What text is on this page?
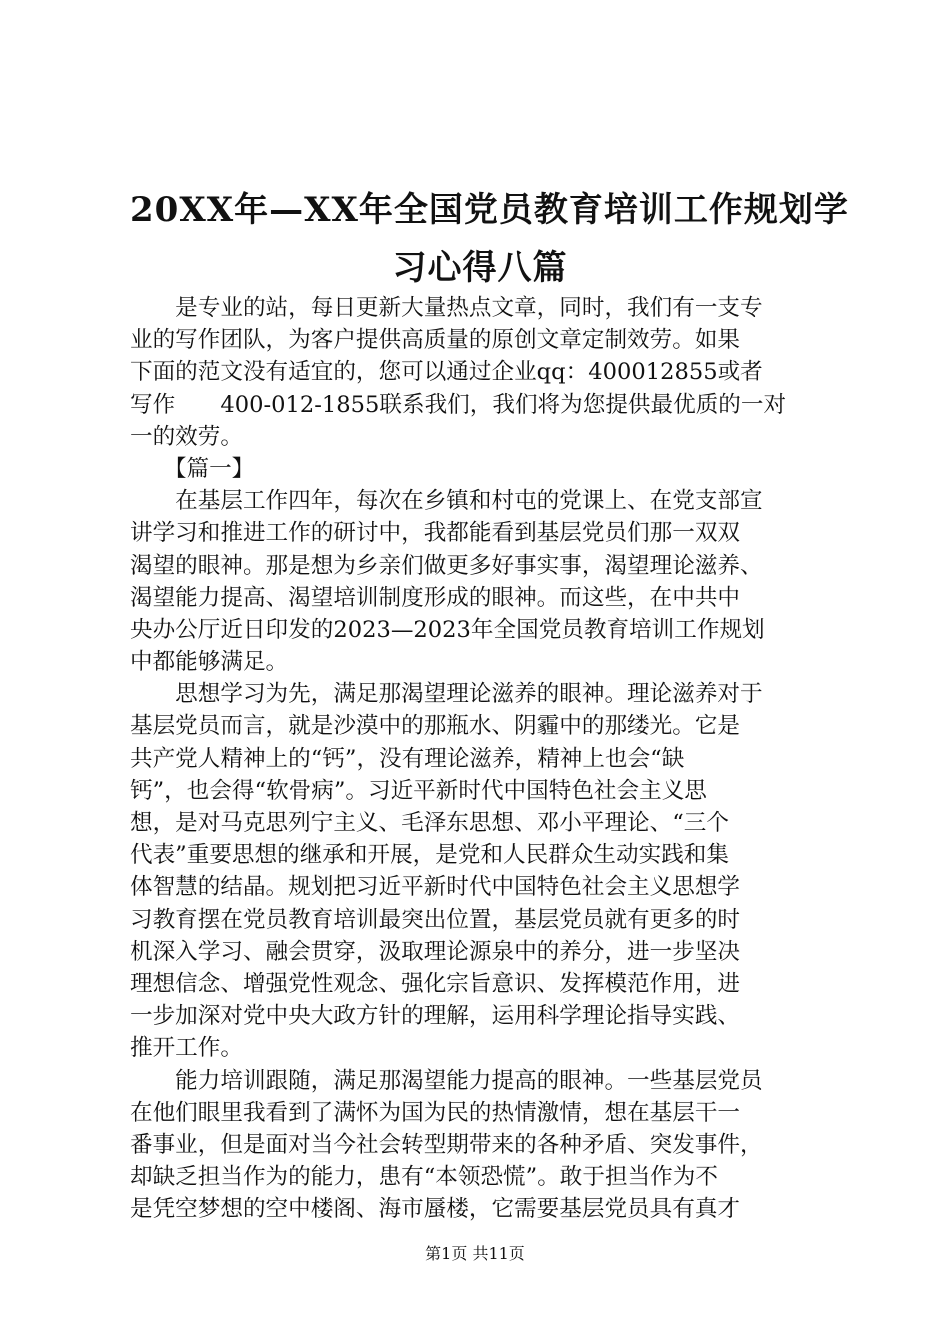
20XX年—XX年全国党员教育培训工作规划学
习心得八篇
　　是专业的站，每日更新大量热点文章，同时，我们有一支专
业的写作团队，为客户提供高质量的原创文章定制效劳。如果
下面的范文没有适宜的，您可以通过企业qq：400012855或者
写作　　400-012-1855联系我们，我们将为您提供最优质的一对
一的效劳。
　　【篇一】
　　在基层工作四年，每次在乡镇和村屯的党课上、在党支部宣
讲学习和推进工作的研讨中，我都能看到基层党员们那一双双
渴望的眼神。那是想为乡亲们做更多好事实事，渴望理论滋养、
渴望能力提高、渴望培训制度形成的眼神。而这些，在中共中
央办公厅近日印发的2023—2023年全国党员教育培训工作规划
中都能够满足。
　　思想学习为先，满足那渴望理论滋养的眼神。理论滋养对于
基层党员而言，就是沙漠中的那瓶水、阴霾中的那缕光。它是
共产党人精神上的“钙”，没有理论滋养，精神上也会“缺
钙”，也会得“软骨病”。习近平新时代中国特色社会主义思
想，是对马克思列宁主义、毛泽东思想、邓小平理论、“三个
代表”重要思想的继承和开展，是党和人民群众生动实践和集
体智慧的结晶。规划把习近平新时代中国特色社会主义思想学
习教育摆在党员教育培训最突出位置，基层党员就有更多的时
机深入学习、融会贯穿，汲取理论源泉中的养分，进一步坚决
理想信念、增强党性观念、强化宗旨意识、发挥模范作用，进
一步加深对党中央大政方针的理解，运用科学理论指导实践、
推开工作。
　　能力培训跟随，满足那渴望能力提高的眼神。一些基层党员
在他们眼里我看到了满怀为国为民的热情激情，想在基层干一
番事业，但是面对当今社会转型期带来的各种矛盾、突发事件，
却缺乏担当作为的能力，患有“本领恐慌”。敢于担当作为不
是凭空梦想的空中楼阁、海市蜃楼，它需要基层党员具有真才
第1页 共11页
